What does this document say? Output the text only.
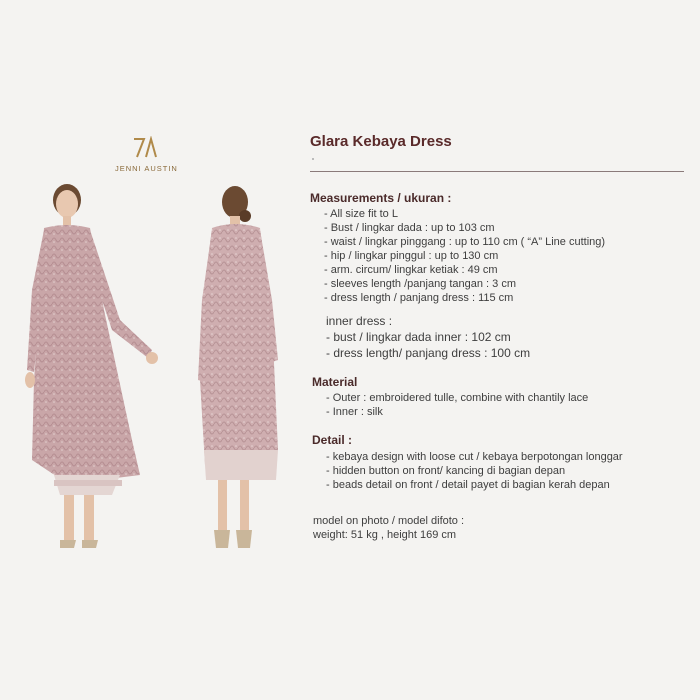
JENNI AUSTIN
Glara Kebaya Dress
Measurements / ukuran :
- All size fit to L
- Bust / lingkar dada : up to 103 cm
- waist / lingkar pinggang : up to 110 cm ( “A” Line cutting)
- hip / lingkar pinggul : up to 130 cm
- arm. circum/ lingkar ketiak : 49 cm
- sleeves length /panjang tangan : 3 cm
- dress length / panjang dress : 115 cm
inner dress :
- bust / lingkar dada inner : 102 cm
- dress length/ panjang dress : 100 cm
Material
- Outer : embroidered tulle, combine with chantily lace
- Inner : silk
Detail :
- kebaya design with loose cut / kebaya berpotongan longgar
- hidden button on front/ kancing di bagian depan
- beads detail on front / detail payet di bagian kerah depan
model on photo / model difoto :
weight: 51 kg , height 169 cm
